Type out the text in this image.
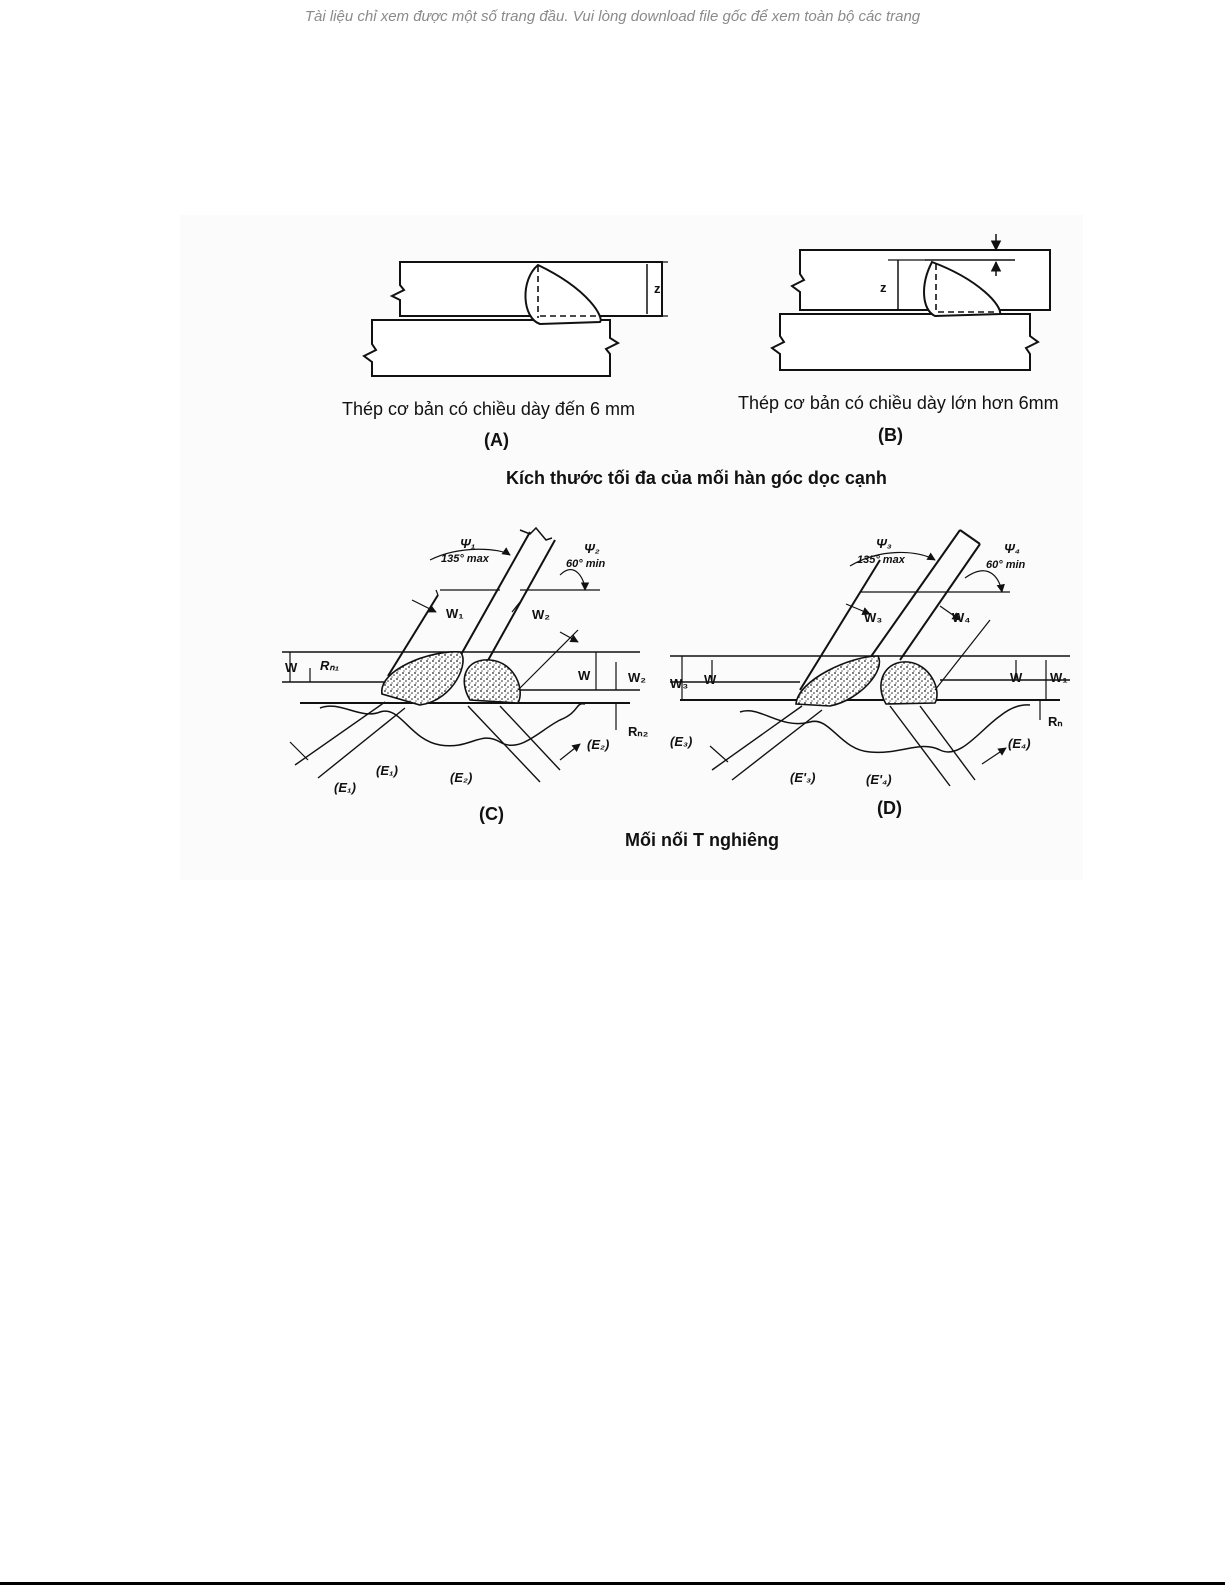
Tài liệu chỉ xem được một số trang đầu. Vui lòng download file gốc để xem toàn bộ các trang
z
Thép cơ bản có chiều dày đến 6 mm
(A)
z
Thép cơ bản có chiều dày lớn hơn 6mm
(B)
Kích thước tối đa của mối hàn góc dọc cạnh
Ψ₁
135° max
Ψ₂
60° min
W₁	W₂
W Rₙ₁
W	W₂
Rₙ₂
(E₁)
(E₁)
(E₂)
(E₂)
(C)
Ψ₃
135° max
Ψ₄
60° min
W₃	W₄
W₃ W	W W₁
Rₙ
(E₃)
(E'₃)	(E'₄)
(E₄)
(D)
Mối nối T nghiêng
